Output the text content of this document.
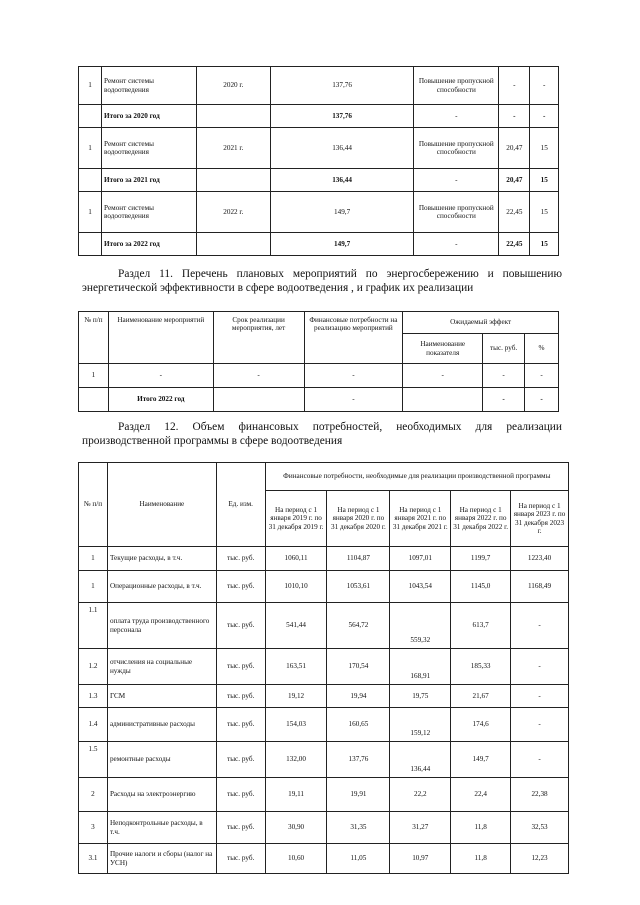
1	Ремонт системы водоотведения	2020 г.	137,76	Повышение пропускной способности	-	-
	Итого за 2020 год		137,76	-	-	-
1	Ремонт системы водоотведения	2021 г.	136,44	Повышение пропускной способности	20,47	15
	Итого за 2021 год		136,44	-	20,47	15
1	Ремонт системы водоотведения	2022 г.	149,7	Повышение пропускной способности	22,45	15
	Итого за 2022 год		149,7	-	22,45	15
Раздел 11. Перечень плановых мероприятий по энергосбережению и повышению
энергетической эффективности в сфере водоотведения , и график их реализации
№ п/п	Наименование мероприятий	Срок реализации мероприятия, лет	Финансовые потребности на реализацию мероприятий	Ожидаемый эффект		
				Наименование показателя	тыс. руб.	%
1	-	-	-	-	-	-
	Итого 2022 год		-		-	-
Раздел 12. Объем финансовых потребностей, необходимых для реализации
производственной программы в сфере водоотведения
№ п/п	Наименование	Ед. изм.	Финансовые потребности, необходимые для реализации производственной программы				
			На период с 1 января 2019 г. по 31 декабря 2019 г.	На период с 1 января 2020 г. по 31 декабря 2020 г.	На период с 1 января 2021 г. по 31 декабря 2021 г.	На период с 1 января 2022 г. по 31 декабря 2022 г.	На период с 1 января 2023 г. по 31 декабря 2023 г.
1	Текущие расходы, в т.ч.	тыс. руб.	1060,11	1104,87	1097,01	1199,7	1223,40
1	Операционные расходы, в т.ч.	тыс. руб.	1010,10	1053,61	1043,54	1145,0	1168,49
1.1	оплата труда производственного персонала	тыс. руб.	541,44	564,72	559,32	613,7	-
1.2	отчисления на социальные нужды	тыс. руб.	163,51	170,54	168,91	185,33	-
1.3	ГСМ	тыс. руб.	19,12	19,94	19,75	21,67	-
1.4	административные расходы	тыс. руб.	154,03	160,65	159,12	174,6	-
1.5	ремонтные расходы	тыс. руб.	132,00	137,76	136,44	149,7	-
2	Расходы на электроэнергию	тыс. руб.	19,11	19,91	22,2	22,4	22,38
3	Неподконтрольные расходы, в т.ч.	тыс. руб.	30,90	31,35	31,27	11,8	32,53
3.1	Прочие налоги и сборы (налог на УСН)	тыс. руб.	10,60	11,05	10,97	11,8	12,23
